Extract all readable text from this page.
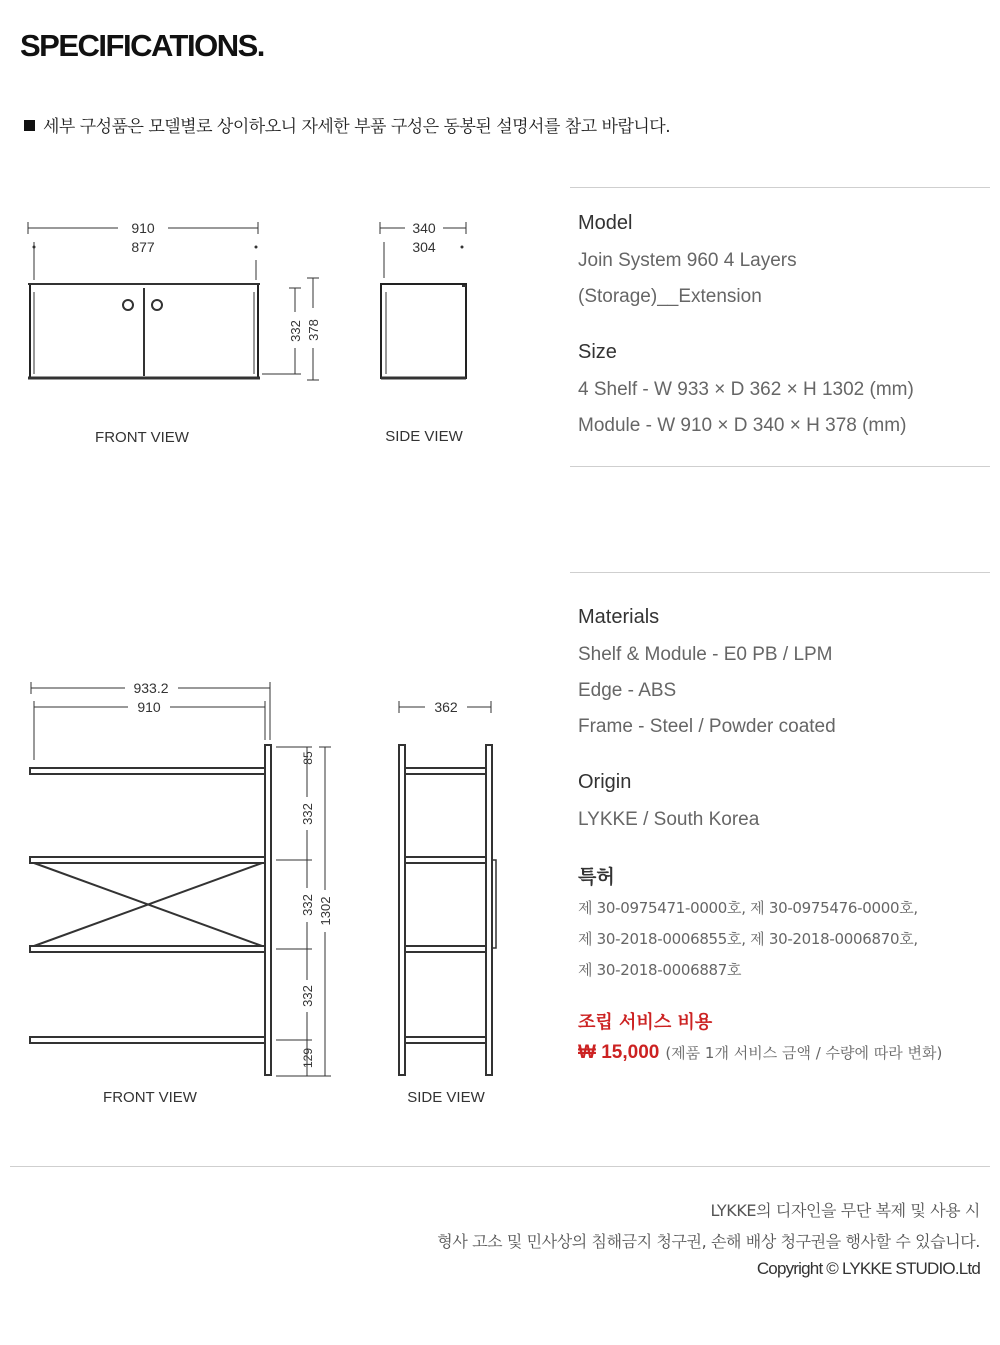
SPECIFICATIONS.
세부 구성품은 모델별로 상이하오니 자세한 부품 구성은 동봉된 설명서를 참고 바랍니다.
910
877
332 378
340
304
FRONT VIEW	SIDE VIEW
933.2
910
85
332
332
332
129
1302
362
FRONT VIEW	SIDE VIEW
Model
Join System 960 4 Layers
(Storage)__Extension
Size
4 Shelf - W 933 × D 362 × H 1302 (mm)
Module - W 910 × D 340 × H 378 (mm)
Materials
Shelf & Module - E0 PB / LPM
Edge - ABS
Frame - Steel / Powder coated
Origin
LYKKE / South Korea
특허
제 30-0975471-0000호, 제 30-0975476-0000호,
제 30-2018-0006855호, 제 30-2018-0006870호,
제 30-2018-0006887호
조립 서비스 비용
₩ 15,000 (제품 1개 서비스 금액 / 수량에 따라 변화)
LYKKE의 디자인을 무단 복제 및 사용 시
형사 고소 및 민사상의 침해금지 청구권, 손해 배상 청구권을 행사할 수 있습니다.
Copyright © LYKKE STUDIO.Ltd
